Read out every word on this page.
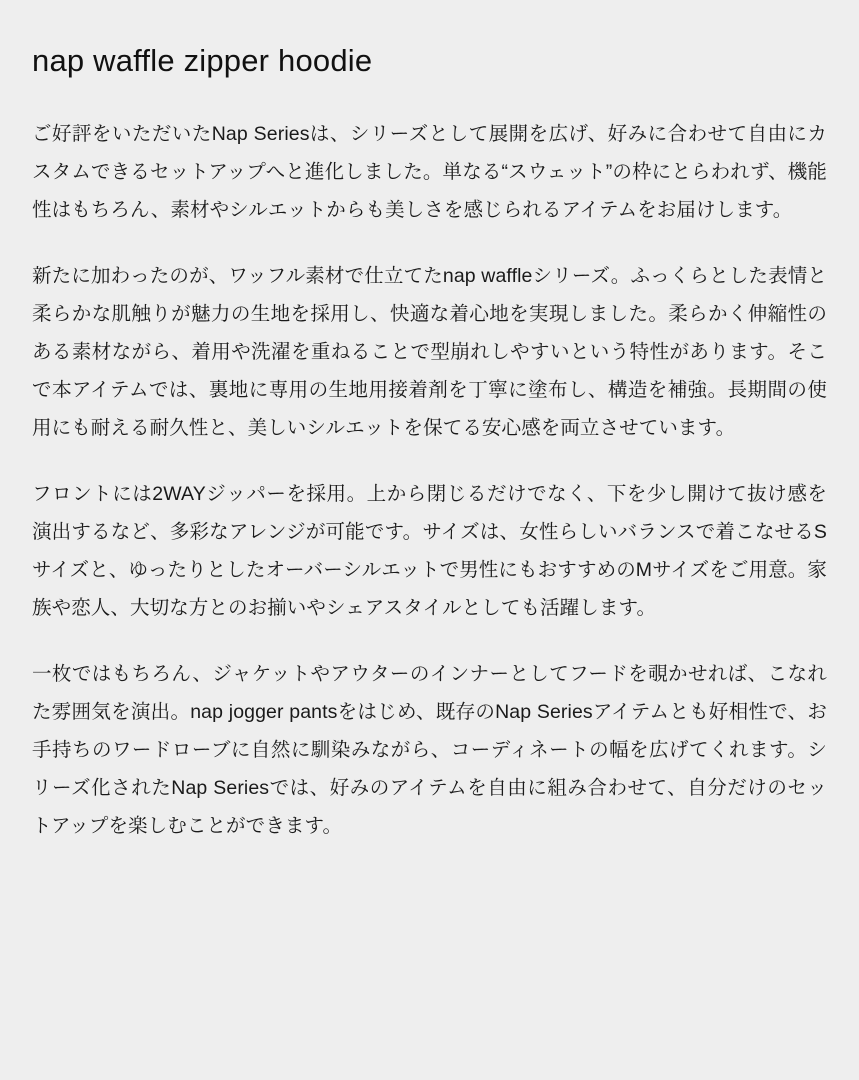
nap waffle zipper hoodie

ご好評をいただいたNap Seriesは、シリーズとして展開を広げ、好みに合わせて自由にカスタムできるセットアップへと進化しました。単なる“スウェット”の枠にとらわれず、機能性はもちろん、素材やシルエットからも美しさを感じられるアイテムをお届けします。

新たに加わったのが、ワッフル素材で仕立てたnap waffleシリーズ。ふっくらとした表情と柔らかな肌触りが魅力の生地を採用し、快適な着心地を実現しました。柔らかく伸縮性のある素材ながら、着用や洗濯を重ねることで型崩れしやすいという特性があります。そこで本アイテムでは、裏地に専用の生地用接着剤を丁寧に塗布し、構造を補強。長期間の使用にも耐える耐久性と、美しいシルエットを保てる安心感を両立させています。

フロントには2WAYジッパーを採用。上から閉じるだけでなく、下を少し開けて抜け感を演出するなど、多彩なアレンジが可能です。サイズは、女性らしいバランスで着こなせるSサイズと、ゆったりとしたオーバーシルエットで男性にもおすすめのMサイズをご用意。家族や恋人、大切な方とのお揃いやシェアスタイルとしても活躍します。

一枚ではもちろん、ジャケットやアウターのインナーとしてフードを覗かせれば、こなれた雰囲気を演出。nap jogger pantsをはじめ、既存のNap Seriesアイテムとも好相性で、お手持ちのワードローブに自然に馴染みながら、コーディネートの幅を広げてくれます。シリーズ化されたNap Seriesでは、好みのアイテムを自由に組み合わせて、自分だけのセットアップを楽しむことができます。
